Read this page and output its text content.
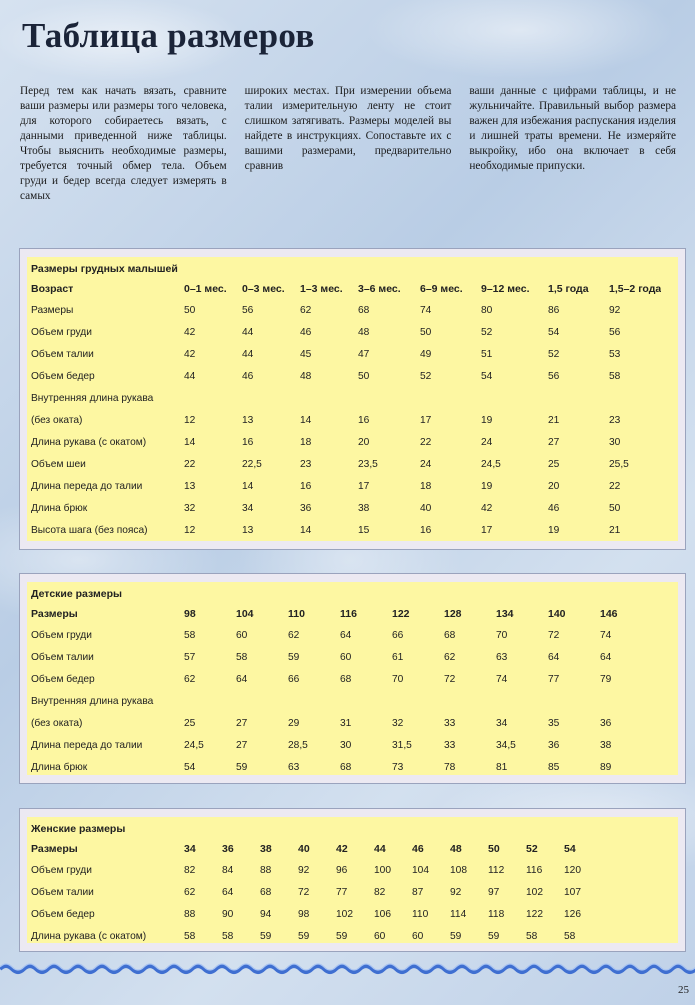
Таблица размеров
Перед тем как начать вязать, сравните ваши размеры или размеры того человека, для которого собираетесь вязать, с данными приведенной ниже таблицы. Чтобы выяснить необходимые размеры, требуется точный обмер тела. Объем груди и бедер всегда следует измерять в самых
широких местах. При измерении объема талии измерительную ленту не стоит слишком затягивать. Размеры моделей вы найдете в инструкциях. Сопоставьте их с вашими размерами, предварительно сравнив
ваши данные с цифрами таблицы, и не жульничайте. Правильный выбор размера важен для избежания распускания изделия и лишней траты времени. Не измеряйте выкройку, ибо она включает в себя необходимые припуски.
Размеры грудных малышей								
Возраст	0–1 мес.	0–3 мес.	1–3 мес.	3–6 мес.	6–9 мес.	9–12 мес.	1,5 года	1,5–2 года
Размеры	50	56	62	68	74	80	86	92
Объем груди	42	44	46	48	50	52	54	56
Объем талии	42	44	45	47	49	51	52	53
Объем бедер	44	46	48	50	52	54	56	58
Внутренняя длина рукава								
(без оката)	12	13	14	16	17	19	21	23
Длина рукава (с окатом)	14	16	18	20	22	24	27	30
Объем шеи	22	22,5	23	23,5	24	24,5	25	25,5
Длина переда до талии	13	14	16	17	18	19	20	22
Длина брюк	32	34	36	38	40	42	46	50
Высота шага (без пояса)	12	13	14	15	16	17	19	21
Детские размеры									
Размеры	98	104	110	116	122	128	134	140	146
Объем груди	58	60	62	64	66	68	70	72	74
Объем талии	57	58	59	60	61	62	63	64	64
Объем бедер	62	64	66	68	70	72	74	77	79
Внутренняя длина рукава									
(без оката)	25	27	29	31	32	33	34	35	36
Длина переда до талии	24,5	27	28,5	30	31,5	33	34,5	36	38
Длина брюк	54	59	63	68	73	78	81	85	89
Женские размеры											
Размеры	34	36	38	40	42	44	46	48	50	52	54
Объем груди	82	84	88	92	96	100	104	108	112	116	120
Объем талии	62	64	68	72	77	82	87	92	97	102	107
Объем бедер	88	90	94	98	102	106	110	114	118	122	126
Длина рукава (с окатом)	58	58	59	59	59	60	60	59	59	58	58
25
